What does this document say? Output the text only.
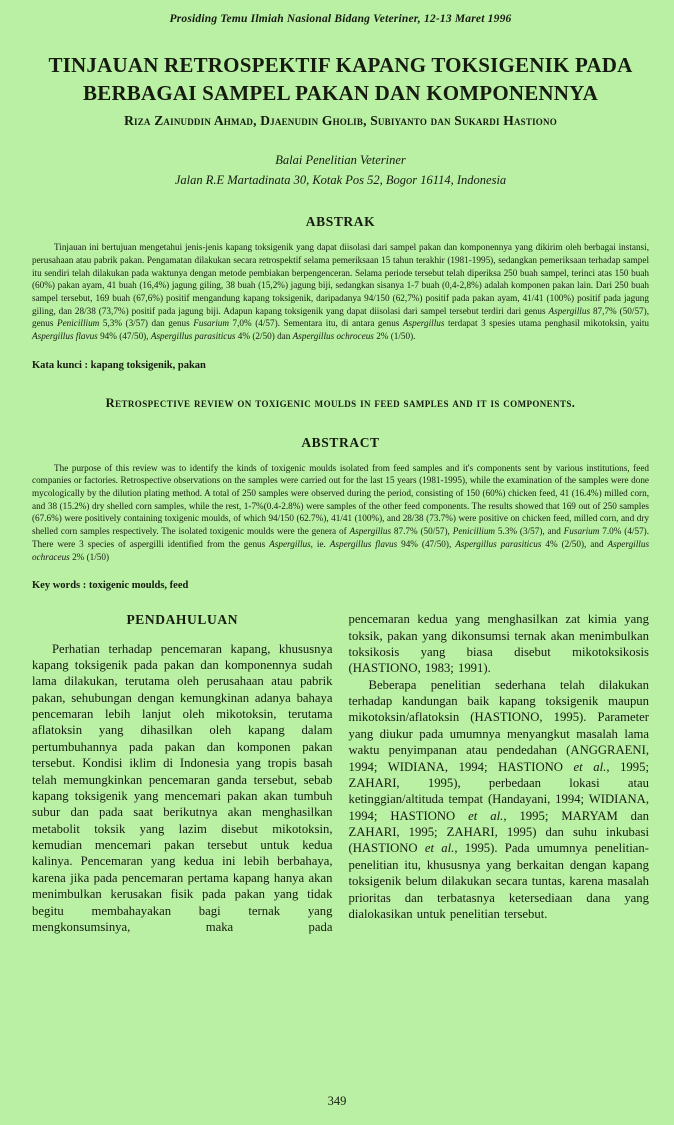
Prosiding Temu Ilmiah Nasional Bidang Veteriner, 12-13 Maret 1996
TINJAUAN RETROSPEKTIF KAPANG TOKSIGENIK PADA BERBAGAI SAMPEL PAKAN DAN KOMPONENNYA
Riza Zainuddin Ahmad, Djaenudin Gholib, Subiyanto dan Sukardi Hastiono
Balai Penelitian Veteriner
Jalan R.E Martadinata 30, Kotak Pos 52, Bogor 16114, Indonesia
ABSTRAK

Tinjauan ini bertujuan mengetahui jenis-jenis kapang toksigenik yang dapat diisolasi dari sampel pakan dan komponennya yang dikirim oleh berbagai instansi, perusahaan atau pabrik pakan. Pengamatan dilakukan secara retrospektif selama pemeriksaan 15 tahun terakhir (1981-1995), sedangkan pemeriksaan terhadap sampel itu sendiri telah dilakukan pada waktunya dengan metode pembiakan berpengenceran. Selama periode tersebut telah diperiksa 250 buah sampel, terinci atas 150 buah (60%) pakan ayam, 41 buah (16,4%) jagung giling, 38 buah (15,2%) jagung biji, sedangkan sisanya 1-7 buah (0,4-2,8%) adalah komponen pakan lain. Dari 250 buah sampel tersebut, 169 buah (67,6%) positif mengandung kapang toksigenik, daripadanya 94/150 (62,7%) positif pada pakan ayam, 41/41 (100%) positif pada jagung giling, dan 28/38 (73,7%) positif pada jagung biji. Adapun kapang toksigenik yang dapat diisolasi dari sampel tersebut terdiri dari genus Aspergillus 87,7% (50/57), genus Penicillium 5,3% (3/57) dan genus Fusarium 7,0% (4/57). Sementara itu, di antara genus Aspergillus terdapat 3 spesies utama penghasil mikotoksin, yaitu Aspergillus flavus 94% (47/50), Aspergillus parasiticus 4% (2/50) dan Aspergillus ochroceus 2% (1/50).

Kata kunci : kapang toksigenik, pakan

Retrospective review on toxigenic moulds in feed samples and it is components.
ABSTRACT

The purpose of this review was to identify the kinds of toxigenic moulds isolated from feed samples and it's components sent by various institutions, feed companies or factories. Retrospective observations on the samples were carried out for the last 15 years (1981-1995), while the examination of the samples were done mycologically by the dilution plating method. A total of 250 samples were observed during the period, consisting of 150 (60%) chicken feed, 41 (16.4%) milled corn, and 38 (15.2%) dry shelled corn samples, while the rest, 1-7%(0.4-2.8%) were samples of the other feed components. The results showed that 169 out of 250 samples (67.6%) were positively containing toxigenic moulds, of which 94/150 (62.7%), 41/41 (100%), and 28/38 (73.7%) were positive on chicken feed, milled corn, and dry shelled corn samples respectively. The isolated toxigenic moulds were the genera of Aspergillus 87.7% (50/57), Penicillium 5.3% (3/57), and Fusarium 7.0% (4/57). There were 3 species of aspergilli identified from the genus Aspergillus, ie. Aspergillus flavus 94% (47/50), Aspergillus parasiticus 4% (2/50), and Aspergillus ochraceus 2% (1/50)

Key words : toxigenic moulds, feed

PENDAHULUAN

Perhatian terhadap pencemaran kapang, khususnya kapang toksigenik pada pakan dan komponennya sudah lama dilakukan, terutama oleh perusahaan atau pabrik pakan, sehubungan dengan kemungkinan adanya bahaya pencemaran lebih lanjut oleh mikotoksin, terutama aflatoksin yang dihasilkan oleh kapang dalam pertumbuhannya pada pakan dan komponen pakan tersebut. Kondisi iklim di Indonesia yang tropis basah telah memungkinkan pencemaran ganda tersebut, sebab kapang toksigenik yang mencemari pakan akan tumbuh subur dan pada saat berikutnya akan menghasilkan metabolit toksik yang lazim disebut mikotoksin, kemudian mencemari pakan tersebut untuk kedua kalinya. Pencemaran yang kedua ini lebih berbahaya, karena jika pada pencemaran pertama kapang hanya akan menimbulkan kerusakan fisik pada pakan yang tidak begitu membahayakan bagi ternak yang mengkonsumsinya, maka pada

pencemaran kedua yang menghasilkan zat kimia yang toksik, pakan yang dikonsumsi ternak akan menimbulkan toksikosis yang biasa disebut mikotoksikosis (HASTIONO, 1983; 1991).

Beberapa penelitian sederhana telah dilakukan terhadap kandungan baik kapang toksigenik maupun mikotoksin/aflatoksin (HASTIONO, 1995). Parameter yang diukur pada umumnya menyangkut masalah lama waktu penyimpanan atau pendedahan (ANGGRAENI, 1994; WIDIANA, 1994; HASTIONO et al., 1995; ZAHARI, 1995), perbedaan lokasi atau ketinggian/altituda tempat (Handayani, 1994; WIDIANA, 1994; HASTIONO et al., 1995; MARYAM dan ZAHARI, 1995; ZAHARI, 1995) dan suhu inkubasi (HASTIONO et al., 1995). Pada umumnya penelitian-penelitian itu, khususnya yang berkaitan dengan kapang toksigenik belum dilakukan secara tuntas, karena masalah prioritas dan terbatasnya ketersediaan dana yang dialokasikan untuk penelitian tersebut.

349
